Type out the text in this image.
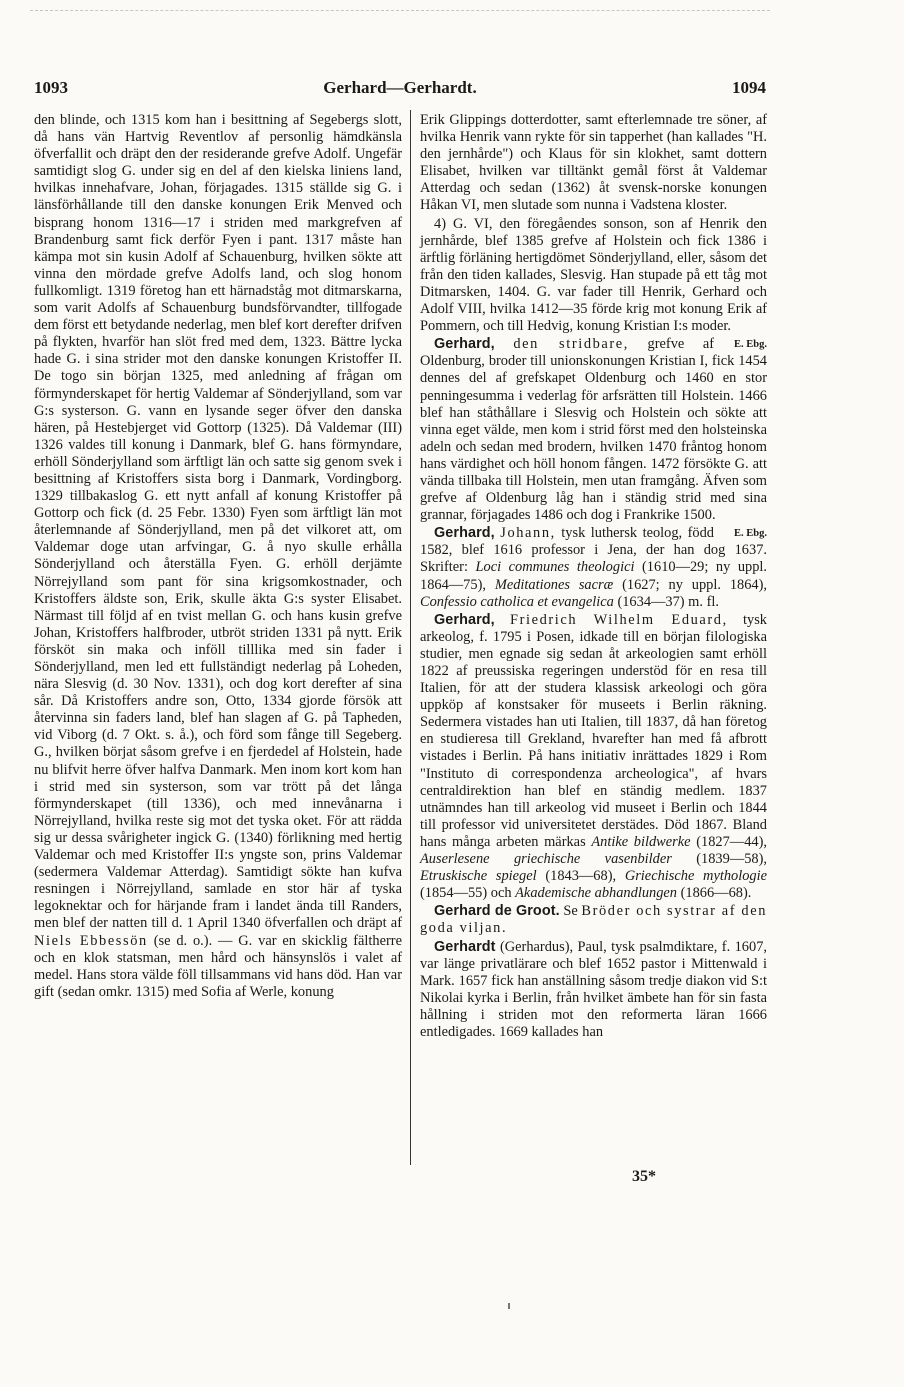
1093	Gerhard—Gerhardt.	1094

den blinde, och 1315 kom han i besittning af Segebergs slott, då hans vän Hartvig Reventlov af personlig hämdkänsla öfverfallit och dräpt den der residerande grefve Adolf. Ungefär samtidigt slog G. under sig en del af den kielska liniens land, hvilkas innehafvare, Johan, förjagades. 1315 ställde sig G. i länsförhållande till den danske konungen Erik Menved och bisprang honom 1316—17 i striden med markgrefven af Brandenburg samt fick derför Fyen i pant. 1317 måste han kämpa mot sin kusin Adolf af Schauenburg, hvilken sökte att vinna den mördade grefve Adolfs land, och slog honom fullkomligt. 1319 företog han ett härnadståg mot ditmarskarna, som varit Adolfs af Schauenburg bundsförvandter, tillfogade dem först ett betydande nederlag, men blef kort derefter drifven på flykten, hvarför han slöt fred med dem, 1323. Bättre lycka hade G. i sina strider mot den danske konungen Kristoffer II. De togo sin början 1325, med anledning af frågan om förmynderskapet för hertig Valdemar af Sönderjylland, som var G:s systerson. G. vann en lysande seger öfver den danska hären, på Hestebjerget vid Gottorp (1325). Då Valdemar (III) 1326 valdes till konung i Danmark, blef G. hans förmyndare, erhöll Sönderjylland som ärftligt län och satte sig genom svek i besittning af Kristoffers sista borg i Danmark, Vordingborg. 1329 tillbakaslog G. ett nytt anfall af konung Kristoffer på Gottorp och fick (d. 25 Febr. 1330) Fyen som ärftligt län mot återlemnande af Sönderjylland, men på det vilkoret att, om Valdemar doge utan arfvingar, G. å nyo skulle erhålla Sönderjylland och återställa Fyen. G. erhöll derjämte Nörrejylland som pant för sina krigsomkostnader, och Kristoffers äldste son, Erik, skulle äkta G:s syster Elisabet. Närmast till följd af en tvist mellan G. och hans kusin grefve Johan, Kristoffers halfbroder, utbröt striden 1331 på nytt. Erik försköt sin maka och inföll tilllika med sin fader i Sönderjylland, men led ett fullständigt nederlag på Loheden, nära Slesvig (d. 30 Nov. 1331), och dog kort derefter af sina sår. Då Kristoffers andre son, Otto, 1334 gjorde försök att återvinna sin faders land, blef han slagen af G. på Tapheden, vid Viborg (d. 7 Okt. s. å.), och förd som fånge till Segeberg. G., hvilken börjat såsom grefve i en fjerdedel af Holstein, hade nu blifvit herre öfver halfva Danmark. Men inom kort kom han i strid med sin systerson, som var trött på det långa förmynderskapet (till 1336), och med innevånarna i Nörrejylland, hvilka reste sig mot det tyska oket. För att rädda sig ur dessa svårigheter ingick G. (1340) förlikning med hertig Valdemar och med Kristoffer II:s yngste son, prins Valdemar (sedermera Valdemar Atterdag). Samtidigt sökte han kufva resningen i Nörrejylland, samlade en stor här af tyska legoknektar och for härjande fram i landet ända till Randers, men blef der natten till d. 1 April 1340 öfverfallen och dräpt af Niels Ebbessön (se d. o.). — G. var en skicklig fältherre och en klok statsman, men hård och hänsynslös i valet af medel. Hans stora välde föll tillsammans vid hans död. Han var gift (sedan omkr. 1315) med Sofia af Werle, konung

Erik Glippings dotterdotter, samt efterlemnade tre söner, af hvilka Henrik vann rykte för sin tapperhet (han kallades "H. den jernhårde") och Klaus för sin klokhet, samt dottern Elisabet, hvilken var tilltänkt gemål först åt Valdemar Atterdag och sedan (1362) åt svensk-norske konungen Håkan VI, men slutade som nunna i Vadstena kloster.

4) G. VI, den föregåendes sonson, son af Henrik den jernhårde, blef 1385 grefve af Holstein och fick 1386 i ärftlig förläning hertigdömet Sönderjylland, eller, såsom det från den tiden kallades, Slesvig. Han stupade på ett tåg mot Ditmarsken, 1404. G. var fader till Henrik, Gerhard och Adolf VIII, hvilka 1412—35 förde krig mot konung Erik af Pommern, och till Hedvig, konung Kristian I:s moder.
E. Ebg.

Gerhard, den stridbare, grefve af Oldenburg, broder till unionskonungen Kristian I, fick 1454 dennes del af grefskapet Oldenburg och 1460 en stor penningesumma i vederlag för arfsrätten till Holstein. 1466 blef han ståthållare i Slesvig och Holstein och sökte att vinna eget välde, men kom i strid först med den holsteinska adeln och sedan med brodern, hvilken 1470 fråntog honom hans värdighet och höll honom fången. 1472 försökte G. att vända tillbaka till Holstein, men utan framgång. Äfven som grefve af Oldenburg låg han i ständig strid med sina grannar, förjagades 1486 och dog i Frankrike 1500.
E. Ebg.

Gerhard, Johann, tysk luthersk teolog, född 1582, blef 1616 professor i Jena, der han dog 1637. Skrifter: Loci communes theologici (1610—29; ny uppl. 1864—75), Meditationes sacræ (1627; ny uppl. 1864), Confessio catholica et evangelica (1634—37) m. fl.

Gerhard, Friedrich Wilhelm Eduard, tysk arkeolog, f. 1795 i Posen, idkade till en början filologiska studier, men egnade sig sedan åt arkeologien samt erhöll 1822 af preussiska regeringen understöd för en resa till Italien, för att der studera klassisk arkeologi och göra uppköp af konstsaker för museets i Berlin räkning. Sedermera vistades han uti Italien, till 1837, då han företog en studieresa till Grekland, hvarefter han med få afbrott vistades i Berlin. På hans initiativ inrättades 1829 i Rom "Instituto di correspondenza archeologica", af hvars centraldirektion han blef en ständig medlem. 1837 utnämndes han till arkeolog vid museet i Berlin och 1844 till professor vid universitetet derstädes. Död 1867. Bland hans många arbeten märkas Antike bildwerke (1827—44), Auserlesene griechische vasenbilder (1839—58), Etruskische spiegel (1843—68), Griechische mythologie (1854—55) och Akademische abhandlungen (1866—68).

Gerhard de Groot. Se Bröder och systrar af den goda viljan.

Gerhardt (Gerhardus), Paul, tysk psalmdiktare, f. 1607, var länge privatlärare och blef 1652 pastor i Mittenwald i Mark. 1657 fick han anställning såsom tredje diakon vid S:t Nikolai kyrka i Berlin, från hvilket ämbete han för sin fasta hållning i striden mot den reformerta läran 1666 entledigades. 1669 kallades han

35*
